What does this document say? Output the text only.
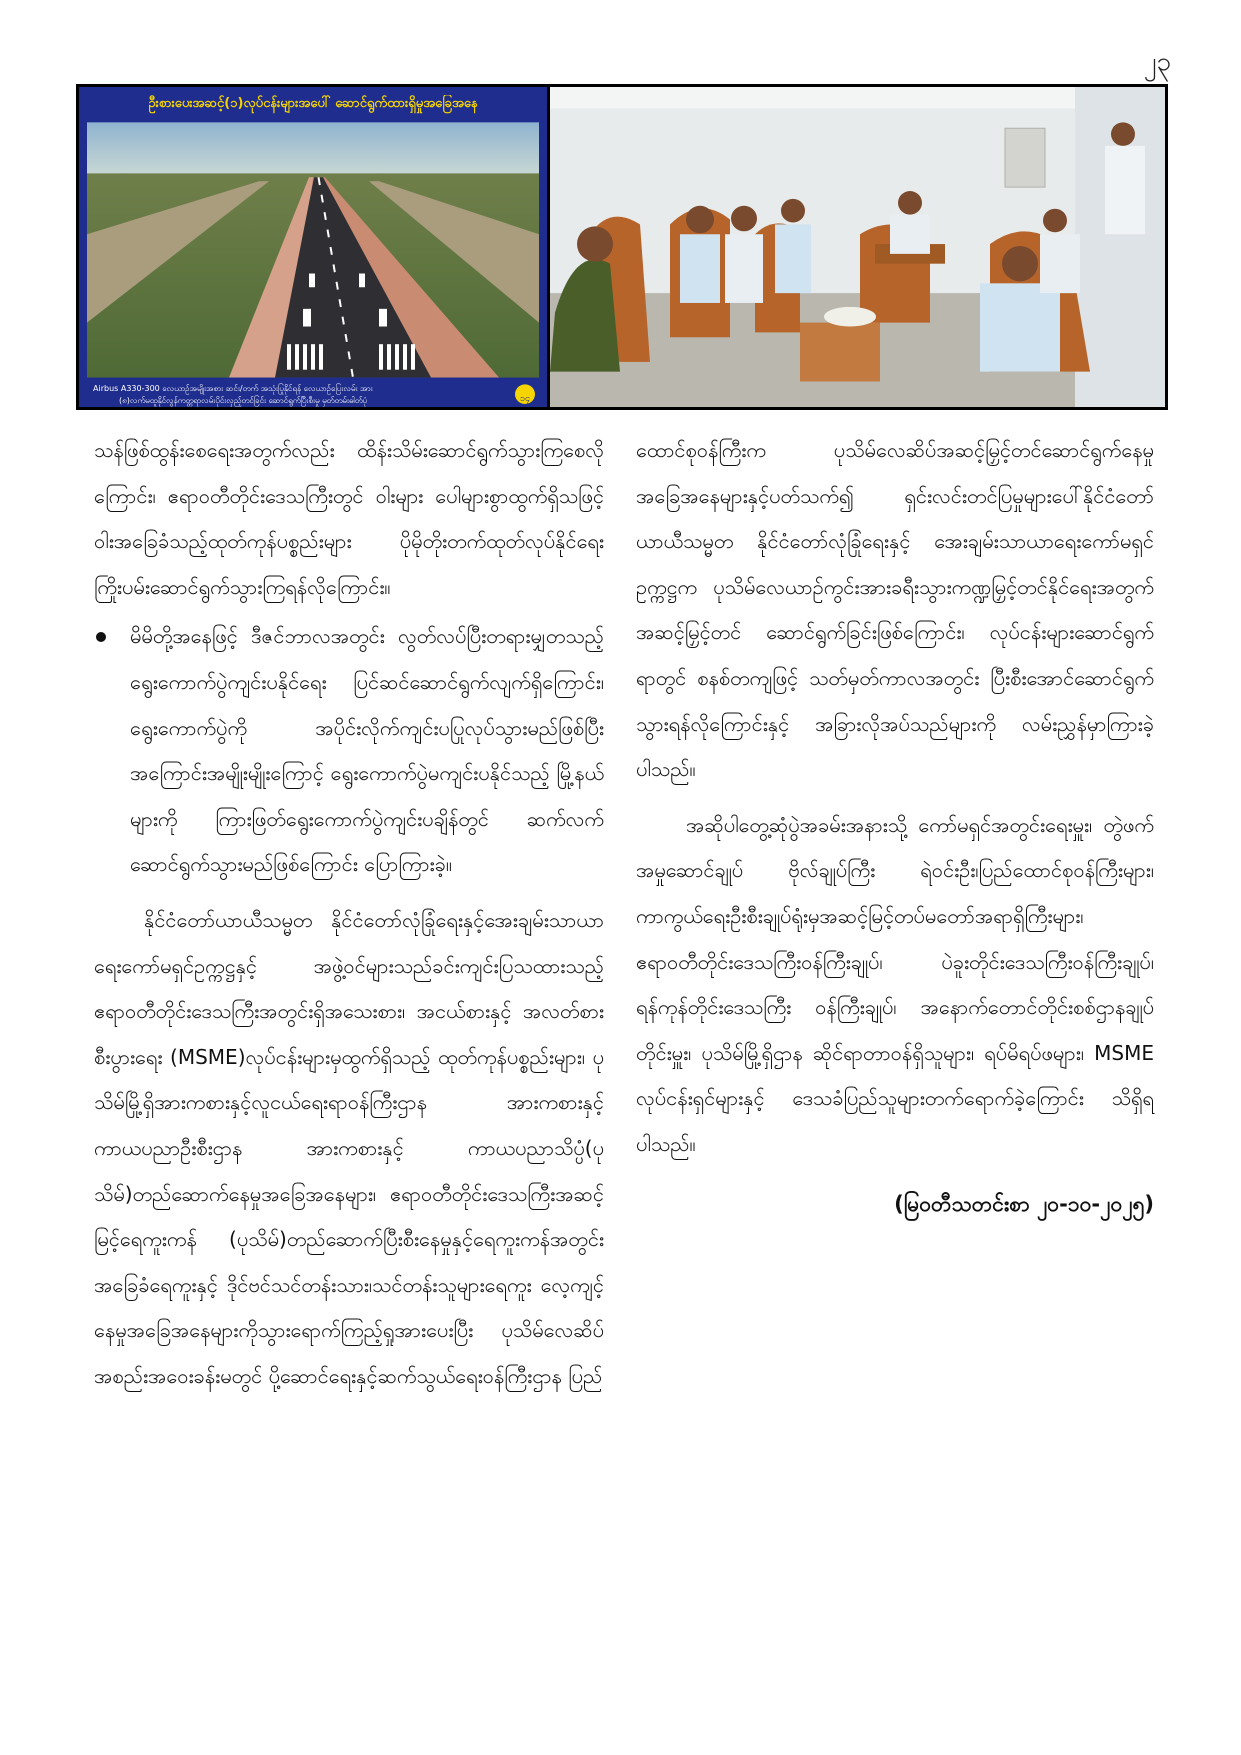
၂၃
ဦးစားပေးအဆင့်(၁)လုပ်ငန်းများအပေါ် ဆောင်ရွက်ထားရှိမှုအခြေအနေ
Airbus A330-300 လေယာဉ်အမျိုးအစား ဆင်း/တက် အသုံးပြုနိုင်ရန် လေယာဉ်ပြေးလမ်း အား
(၈)လက်မထူနိုင်လွန်ကတ္တရာလမ်းပိုင်းလှည့်တင်ခြင်း ဆောင်ရွက်ပြီးစီးမှု မှတ်တမ်းဓါတ်ပုံ	၁၄

သန်ဖြစ်ထွန်းစေရေးအတွက်လည်း ထိန်းသိမ်းဆောင်ရွက်သွားကြစေလိုကြောင်း၊ ဧရာဝတီတိုင်းဒေသကြီးတွင် ဝါးများ ပေါများစွာထွက်ရှိသဖြင့် ဝါးအခြေခံသည့်ထုတ်ကုန်ပစ္စည်းများ ပိုမိုတိုးတက်ထုတ်လုပ်နိုင်ရေးကြိုးပမ်းဆောင်ရွက်သွားကြရန်လိုကြောင်း။

မိမိတို့အနေဖြင့် ဒီဇင်ဘာလအတွင်း လွတ်လပ်ပြီးတရားမျှတသည့် ရွေးကောက်ပွဲကျင်းပနိုင်ရေး ပြင်ဆင်ဆောင်ရွက်လျက်ရှိကြောင်း၊ ရွေးကောက်ပွဲကို အပိုင်းလိုက်ကျင်းပပြုလုပ်သွားမည်ဖြစ်ပြီး အကြောင်းအမျိုးမျိုးကြောင့် ရွေးကောက်ပွဲမကျင်းပနိုင်သည့် မြို့နယ်များကို ကြားဖြတ်ရွေးကောက်ပွဲကျင်းပချိန်တွင် ဆက်လက်ဆောင်ရွက်သွားမည်ဖြစ်ကြောင်း ပြောကြားခဲ့။

နိုင်ငံတော်ယာယီသမ္မတ နိုင်ငံတော်လုံခြုံရေးနှင့်အေးချမ်းသာယာရေးကော်မရှင်ဥက္ကဋ္ဌနှင့် အဖွဲ့ဝင်များသည်ခင်းကျင်းပြသထားသည့် ဧရာဝတီတိုင်းဒေသကြီးအတွင်းရှိအသေးစား၊ အငယ်စားနှင့် အလတ်စား စီးပွားရေး (MSME)လုပ်ငန်းများမှထွက်ရှိသည့် ထုတ်ကုန်ပစ္စည်းများ၊ ပုသိမ်မြို့ရှိအားကစားနှင့်လူငယ်ရေးရာဝန်ကြီးဌာန အားကစားနှင့်ကာယပညာဦးစီးဌာန အားကစားနှင့် ကာယပညာသိပ္ပံ(ပုသိမ်)တည်ဆောက်နေမှုအခြေအနေများ၊ ဧရာဝတီတိုင်းဒေသကြီးအဆင့်မြင့်ရေကူးကန် (ပုသိမ်)တည်ဆောက်ပြီးစီးနေမှုနှင့်ရေကူးကန်အတွင်း အခြေခံရေကူးနှင့် ဒိုင်ဗင်သင်တန်းသား၊သင်တန်းသူများရေကူး လေ့ကျင့်နေမှုအခြေအနေများကိုသွားရောက်ကြည့်ရှုအားပေးပြီး ပုသိမ်လေဆိပ်အစည်းအဝေးခန်းမတွင် ပို့ဆောင်ရေးနှင့်ဆက်သွယ်ရေးဝန်ကြီးဌာန ပြည်

ထောင်စုဝန်ကြီးက ပုသိမ်လေဆိပ်အဆင့်မြှင့်တင်ဆောင်ရွက်နေမှုအခြေအနေများနှင့်ပတ်သက်၍ ရှင်းလင်းတင်ပြမှုများပေါ်နိုင်ငံတော်ယာယီသမ္မတ နိုင်ငံတော်လုံခြုံရေးနှင့် အေးချမ်းသာယာရေးကော်မရှင်ဥက္ကဋ္ဌက ပုသိမ်လေယာဉ်ကွင်းအားခရီးသွားကဏ္ဍမြှင့်တင်နိုင်ရေးအတွက် အဆင့်မြှင့်တင် ဆောင်ရွက်ခြင်းဖြစ်ကြောင်း၊ လုပ်ငန်းများဆောင်ရွက်ရာတွင် စနစ်တကျဖြင့် သတ်မှတ်ကာလအတွင်း ပြီးစီးအောင်ဆောင်ရွက်သွားရန်လိုကြောင်းနှင့် အခြားလိုအပ်သည်များကို လမ်းညွှန်မှာကြားခဲ့ပါသည်။

အဆိုပါတွေ့ဆုံပွဲအခမ်းအနားသို့ ကော်မရှင်အတွင်းရေးမှူး၊ တွဲဖက်အမှုဆောင်ချုပ် ဗိုလ်ချုပ်ကြီး ရဲဝင်းဦး၊ပြည်ထောင်စုဝန်ကြီးများ၊ ကာကွယ်ရေးဦးစီးချုပ်ရုံးမှအဆင့်မြင့်တပ်မတော်အရာရှိကြီးများ၊ ဧရာဝတီတိုင်းဒေသကြီးဝန်ကြီးချုပ်၊ ပဲခူးတိုင်းဒေသကြီးဝန်ကြီးချုပ်၊ ရန်ကုန်တိုင်းဒေသကြီး ဝန်ကြီးချုပ်၊ အနောက်တောင်တိုင်းစစ်ဌာနချုပ်တိုင်းမှူး၊ ပုသိမ်မြို့ရှိဌာန ဆိုင်ရာတာဝန်ရှိသူများ၊ ရပ်မိရပ်ဖများ၊ MSME လုပ်ငန်းရှင်များနှင့် ဒေသခံပြည်သူများတက်ရောက်ခဲ့ကြောင်း သိရှိရပါသည်။

(မြဝတီသတင်းစာ ၂၀-၁၀-၂၀၂၅)
